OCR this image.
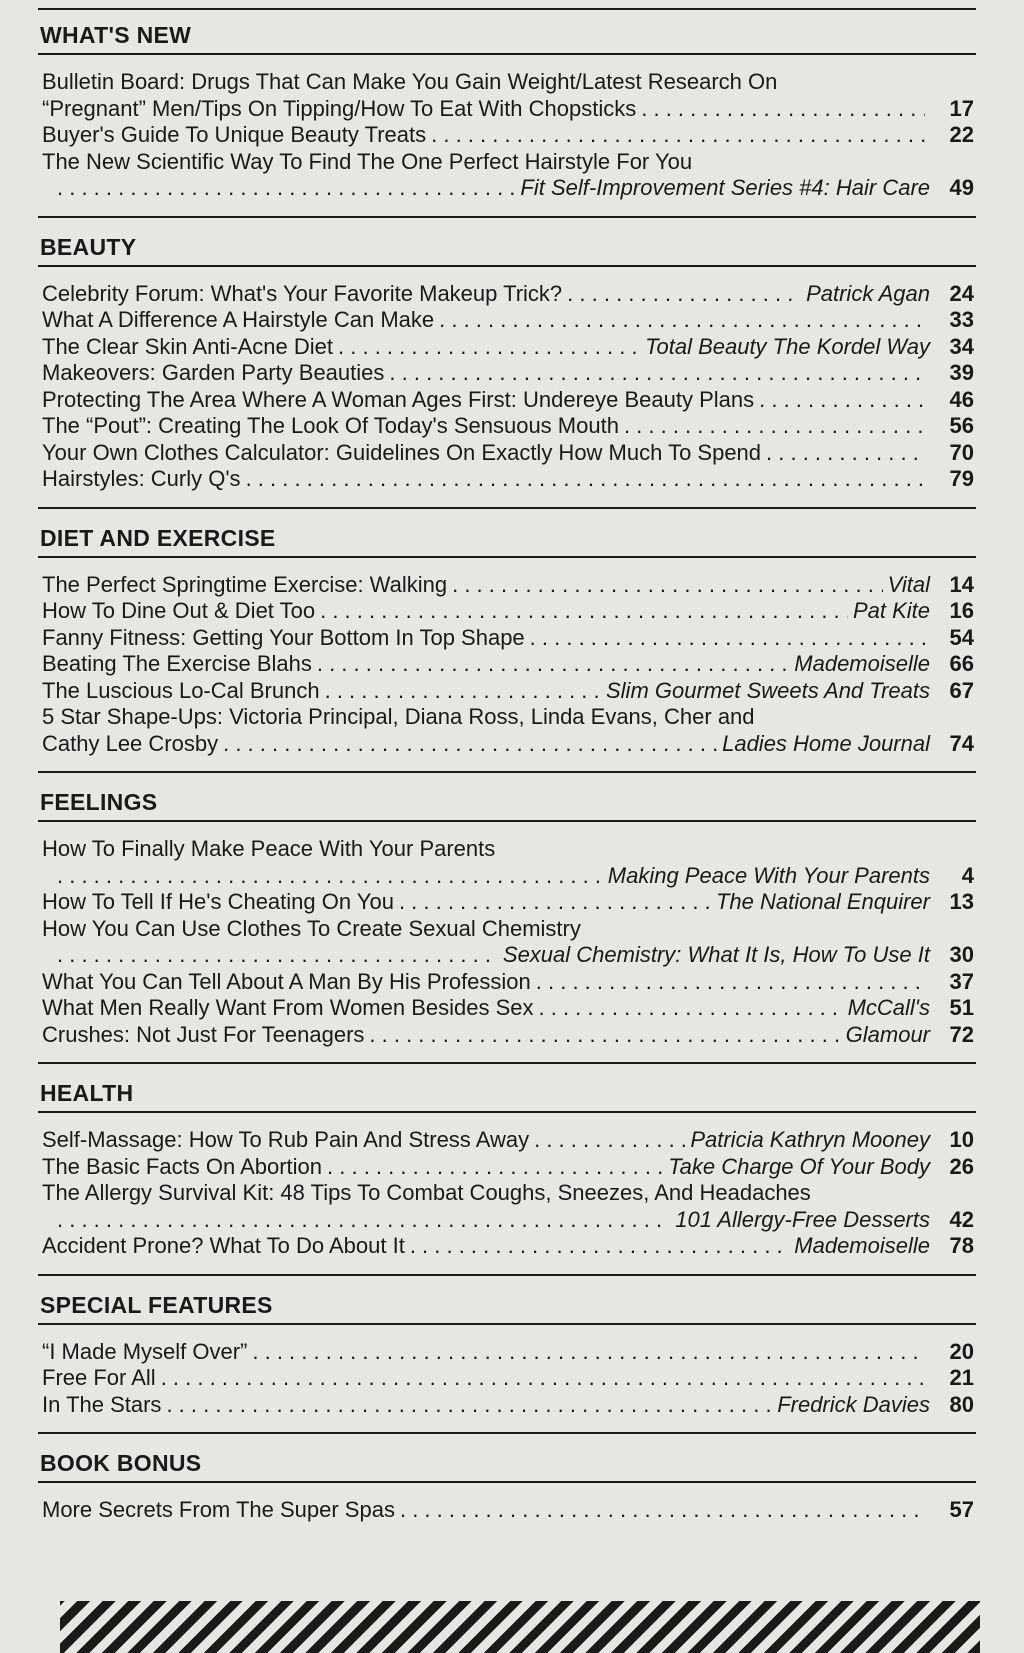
WHAT'S NEW
Bulletin Board: Drugs That Can Make You Gain Weight/Latest Research On
“Pregnant” Men/Tips On Tipping/How To Eat With Chopsticks . . .	17
Buyer's Guide To Unique Beauty Treats . . .	22
The New Scientific Way To Find The One Perfect Hairstyle For You
. . .
Fit Self-Improvement Series #4: Hair Care 49
BEAUTY
Celebrity Forum: What's Your Favorite Makeup Trick? . . .	Patrick Agan 24
What A Difference A Hairstyle Can Make . . .	33
The Clear Skin Anti-Acne Diet . . .	Total Beauty The Kordel Way 34
Makeovers: Garden Party Beauties . . .	39
Protecting The Area Where A Woman Ages First: Undereye Beauty Plans . . .	46
The “Pout”: Creating The Look Of Today's Sensuous Mouth . . .	56
Your Own Clothes Calculator: Guidelines On Exactly How Much To Spend . . .	70
Hairstyles: Curly Q's . . .	79
DIET AND EXERCISE
The Perfect Springtime Exercise: Walking . . .	Vital 14
How To Dine Out & Diet Too . . .	Pat Kite 16
Fanny Fitness: Getting Your Bottom In Top Shape . . .	54
Beating The Exercise Blahs . . .	Mademoiselle 66
The Luscious Lo-Cal Brunch . . .	Slim Gourmet Sweets And Treats 67
5 Star Shape-Ups: Victoria Principal, Diana Ross, Linda Evans, Cher and
Cathy Lee Crosby . . .	Ladies Home Journal 74
FEELINGS
How To Finally Make Peace With Your Parents
. . .
Making Peace With Your Parents	4
How To Tell If He's Cheating On You . . .	The National Enquirer 13
How You Can Use Clothes To Create Sexual Chemistry
. . .
Sexual Chemistry: What It Is, How To Use It 30
What You Can Tell About A Man By His Profession . . .	37
What Men Really Want From Women Besides Sex . . .	McCall's 51
Crushes: Not Just For Teenagers . . .	Glamour 72
HEALTH
Self-Massage: How To Rub Pain And Stress Away . . .	Patricia Kathryn Mooney 10
The Basic Facts On Abortion . . .	Take Charge Of Your Body 26
The Allergy Survival Kit: 48 Tips To Combat Coughs, Sneezes, And Headaches
. . .
101 Allergy-Free Desserts 42
Accident Prone? What To Do About It . . .	Mademoiselle 78
SPECIAL FEATURES
“I Made Myself Over” . . .	20
Free For All . . .	21
In The Stars . . .	Fredrick Davies 80
BOOK BONUS
More Secrets From The Super Spas . . .	57
